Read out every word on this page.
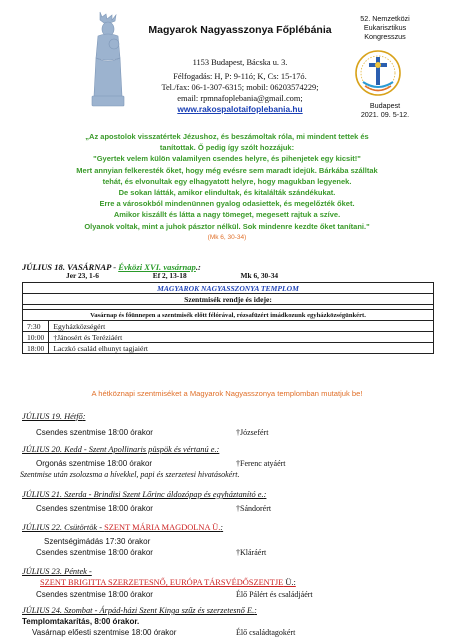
Magyarok Nagyasszonya Főplébánia
1153 Budapest, Bácska u. 3.
Félfogadás: H, P: 9-11ó; K, Cs: 15-17ó.
Tel./fax: 06-1-307-6315; mobil: 06203574229;
email: rpmnafoplebania@gmail.com;
www.rakospalotaifoplebania.hu
52. Nemzetközi
Eukarisztikus
Kongresszus
Budapest
2021. 09. 5-12.
„Az apostolok visszatértek Jézushoz, és beszámoltak róla, mi mindent tettek és
tanítottak. Ő pedig így szólt hozzájuk:
"Gyertek velem külön valamilyen csendes helyre, és pihenjetek egy kicsit!"
Mert annyian felkeresték őket, hogy még evésre sem maradt idejük. Bárkába szálltak
tehát, és elvonultak egy elhagyatott helyre, hogy magukban legyenek.
De sokan látták, amikor elindultak, és kitalálták szándékukat.
Erre a városokból mindenünnen gyalog odasiettek, és megelőzték őket.
Amikor kiszállt és látta a nagy tömeget, megesett rajtuk a szíve.
Olyanok voltak, mint a juhok pásztor nélkül. Sok mindenre kezdte őket tanítani."
(Mk 6, 30-34)
JÚLIUS 18. VASÁRNAP - Évközi XVI. vasárnap.:
Jer 23, 1-6	Ef 2, 13-18	Mk 6, 30-34
MAGYAROK NAGYASSZONYA TEMPLOM	
Szentmisék rendje és ideje:	

Vasárnap és főünnepen a szentmisék előtt félórával, rózsafüzért imádkozunk egyházközségünkért.	
7:30	Egyházközségért
10:00	†Jánosért és Teréziáért
18:00	Laczkó család elhunyt tagjaiért
A hétköznapi szentmiséket a Magyarok Nagyasszonya templomban mutatjuk be!
JÚLIUS 19. Hétfő:
Csendes szentmise 18:00 órakor	†Józsefért
JÚLIUS 20. Kedd - Szent Apollinaris püspök és vértanú e.:
Orgonás szentmise 18:00 órakor	†Ferenc atyáért
Szentmise után zsolozsma a hívekkel, papi és szerzetesi hivatásokért.
JÚLIUS 21. Szerda - Brindisi Szent Lőrinc áldozópap és egyháztanító e.:
Csendes szentmise 18:00 órakor	†Sándorért
JÚLIUS 22. Csütörtök - SZENT MÁRIA MAGDOLNA Ü.:
Szentségimádás 17:30 órakor
Csendes szentmise 18:00 órakor	†Kláráért
JÚLIUS 23. Péntek -
SZENT BRIGITTA SZERZETESNŐ, EURÓPA TÁRSVÉDŐSZENTJE Ü.:
Csendes szentmise 18:00 órakor	Élő Pálért és családjáért
JÚLIUS 24. Szombat - Árpád-házi Szent Kinga szűz és szerzetesnő E.:
Templomtakarítás, 8:00 órakor.
Vasárnap előesti szentmise 18:00 órakor	Élő családtagokért
